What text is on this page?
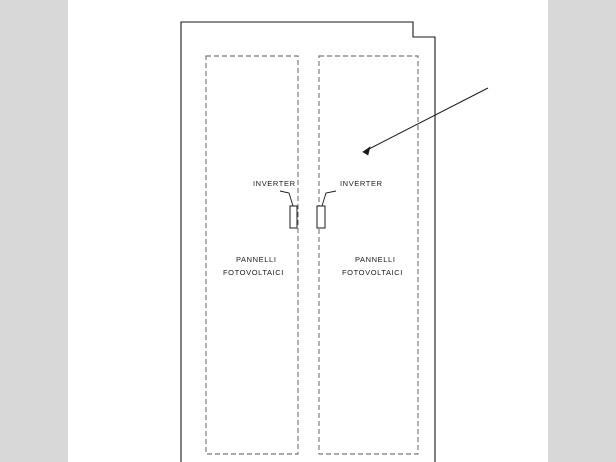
INVERTER	INVERTER
PANNELLI
FOTOVOLTAICI
PANNELLI
FOTOVOLTAICI
